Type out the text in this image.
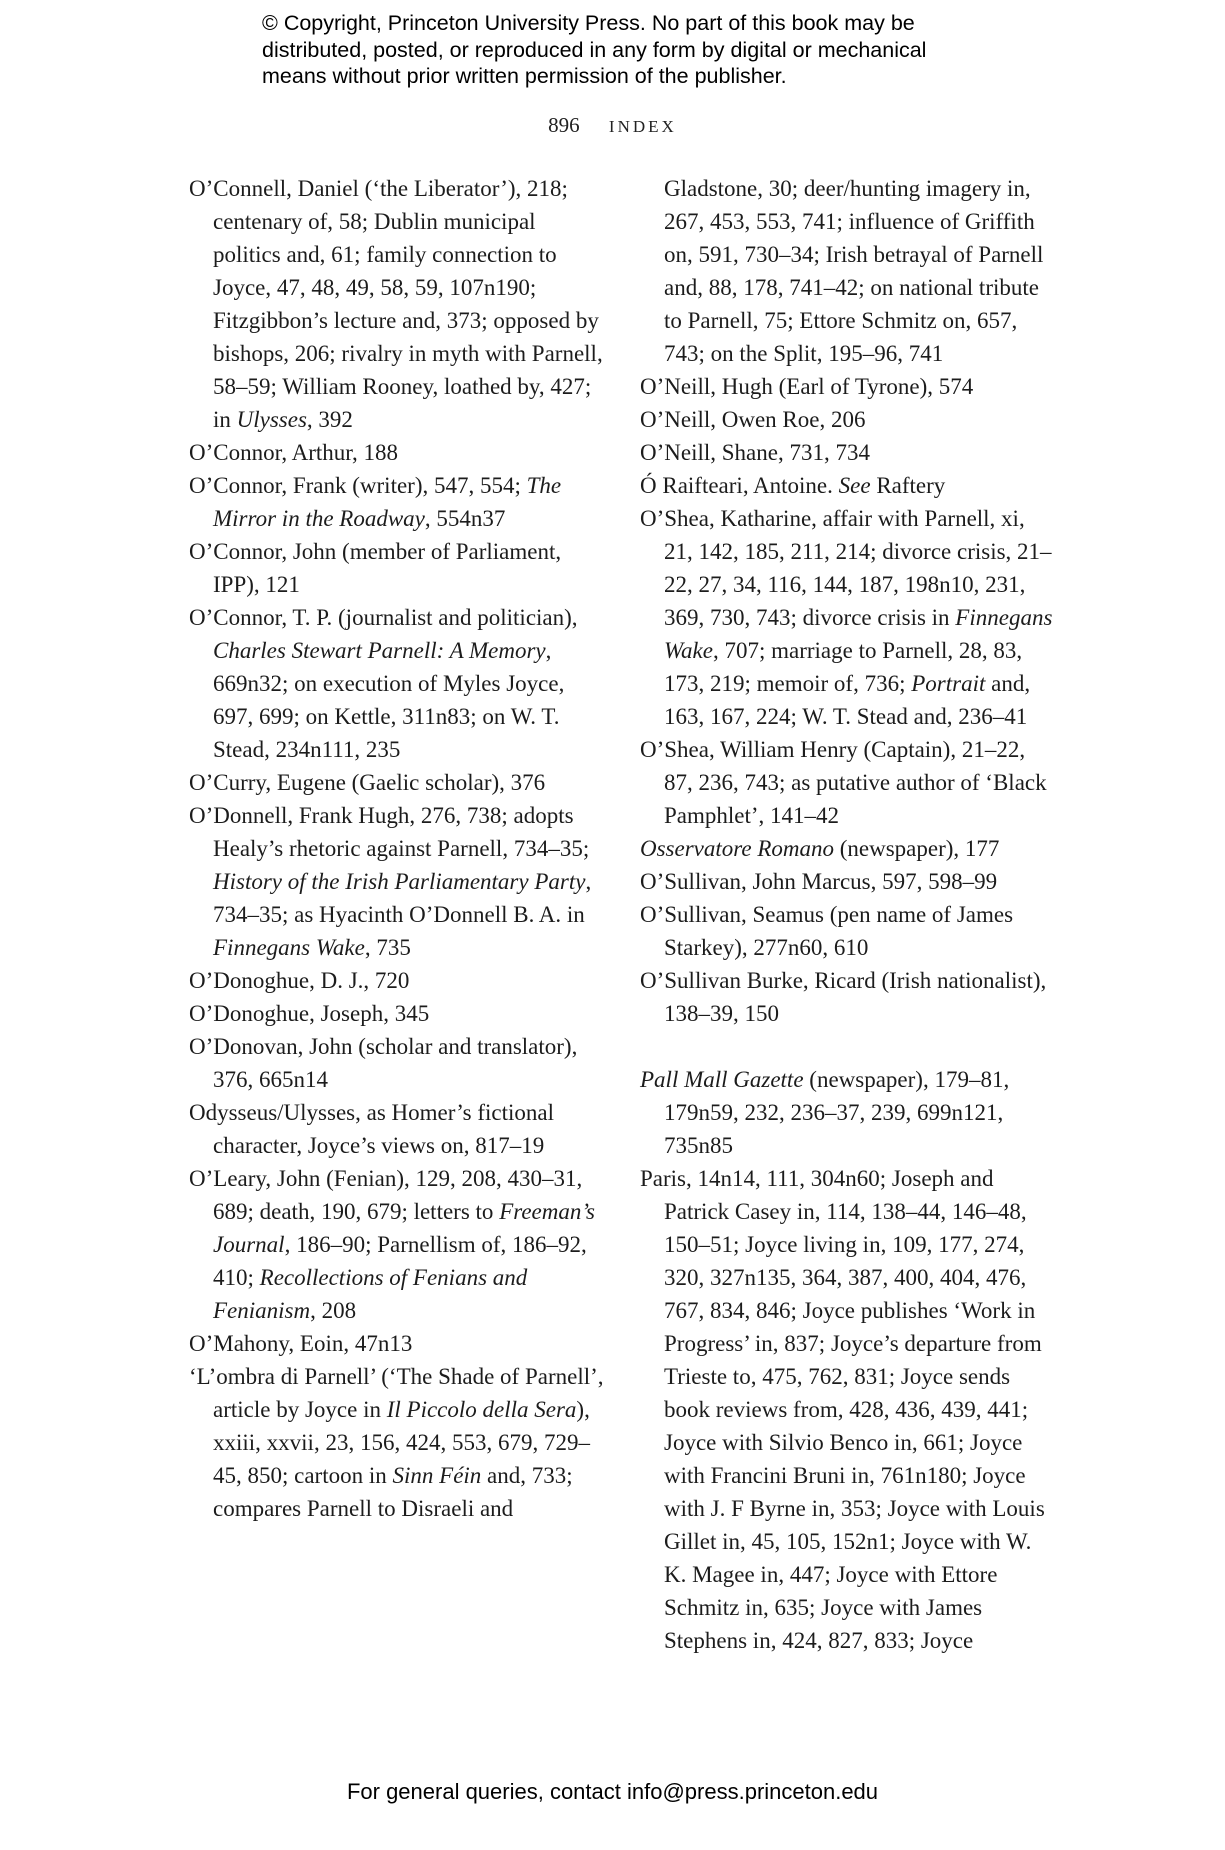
© Copyright, Princeton University Press. No part of this book may be
distributed, posted, or reproduced in any form by digital or mechanical
means without prior written permission of the publisher.
896 INDEX
O’Connell, Daniel (‘the Liberator’), 218; centenary of, 58; Dublin municipal politics and, 61; family connection to Joyce, 47, 48, 49, 58, 59, 107n190; Fitzgibbon’s lecture and, 373; opposed by bishops, 206; rivalry in myth with Parnell, 58–59; William Rooney, loathed by, 427; in Ulysses, 392
O’Connor, Arthur, 188
O’Connor, Frank (writer), 547, 554; The Mirror in the Roadway, 554n37
O’Connor, John (member of Parliament, IPP), 121
O’Connor, T. P. (journalist and politician), Charles Stewart Parnell: A Memory, 669n32; on execution of Myles Joyce, 697, 699; on Kettle, 311n83; on W. T. Stead, 234n111, 235
O’Curry, Eugene (Gaelic scholar), 376
O’Donnell, Frank Hugh, 276, 738; adopts Healy’s rhetoric against Parnell, 734–35; History of the Irish Parliamentary Party, 734–35; as Hyacinth O’Donnell B. A. in Finnegans Wake, 735
O’Donoghue, D. J., 720
O’Donoghue, Joseph, 345
O’Donovan, John (scholar and translator), 376, 665n14
Odysseus/Ulysses, as Homer’s fictional character, Joyce’s views on, 817–19
O’Leary, John (Fenian), 129, 208, 430–31, 689; death, 190, 679; letters to Freeman’s Journal, 186–90; Parnellism of, 186–92, 410; Recollections of Fenians and Fenianism, 208
O’Mahony, Eoin, 47n13
‘L’ombra di Parnell’ (‘The Shade of Parnell’, article by Joyce in Il Piccolo della Sera), xxiii, xxvii, 23, 156, 424, 553, 679, 729–45, 850; cartoon in Sinn Féin and, 733; compares Parnell to Disraeli and
Gladstone, 30; deer/hunting imagery in, 267, 453, 553, 741; influence of Griffith on, 591, 730–34; Irish betrayal of Parnell and, 88, 178, 741–42; on national tribute to Parnell, 75; Ettore Schmitz on, 657, 743; on the Split, 195–96, 741
O’Neill, Hugh (Earl of Tyrone), 574
O’Neill, Owen Roe, 206
O’Neill, Shane, 731, 734
Ó Raifteari, Antoine. See Raftery
O’Shea, Katharine, affair with Parnell, xi, 21, 142, 185, 211, 214; divorce crisis, 21–22, 27, 34, 116, 144, 187, 198n10, 231, 369, 730, 743; divorce crisis in Finnegans Wake, 707; marriage to Parnell, 28, 83, 173, 219; memoir of, 736; Portrait and, 163, 167, 224; W. T. Stead and, 236–41
O’Shea, William Henry (Captain), 21–22, 87, 236, 743; as putative author of ‘Black Pamphlet’, 141–42
Osservatore Romano (newspaper), 177
O’Sullivan, John Marcus, 597, 598–99
O’Sullivan, Seamus (pen name of James Starkey), 277n60, 610
O’Sullivan Burke, Ricard (Irish nationalist), 138–39, 150
Pall Mall Gazette (newspaper), 179–81, 179n59, 232, 236–37, 239, 699n121, 735n85
Paris, 14n14, 111, 304n60; Joseph and Patrick Casey in, 114, 138–44, 146–48, 150–51; Joyce living in, 109, 177, 274, 320, 327n135, 364, 387, 400, 404, 476, 767, 834, 846; Joyce publishes ‘Work in Progress’ in, 837; Joyce’s departure from Trieste to, 475, 762, 831; Joyce sends book reviews from, 428, 436, 439, 441; Joyce with Silvio Benco in, 661; Joyce with Francini Bruni in, 761n180; Joyce with J. F Byrne in, 353; Joyce with Louis Gillet in, 45, 105, 152n1; Joyce with W. K. Magee in, 447; Joyce with Ettore Schmitz in, 635; Joyce with James Stephens in, 424, 827, 833; Joyce
For general queries, contact info@press.princeton.edu
